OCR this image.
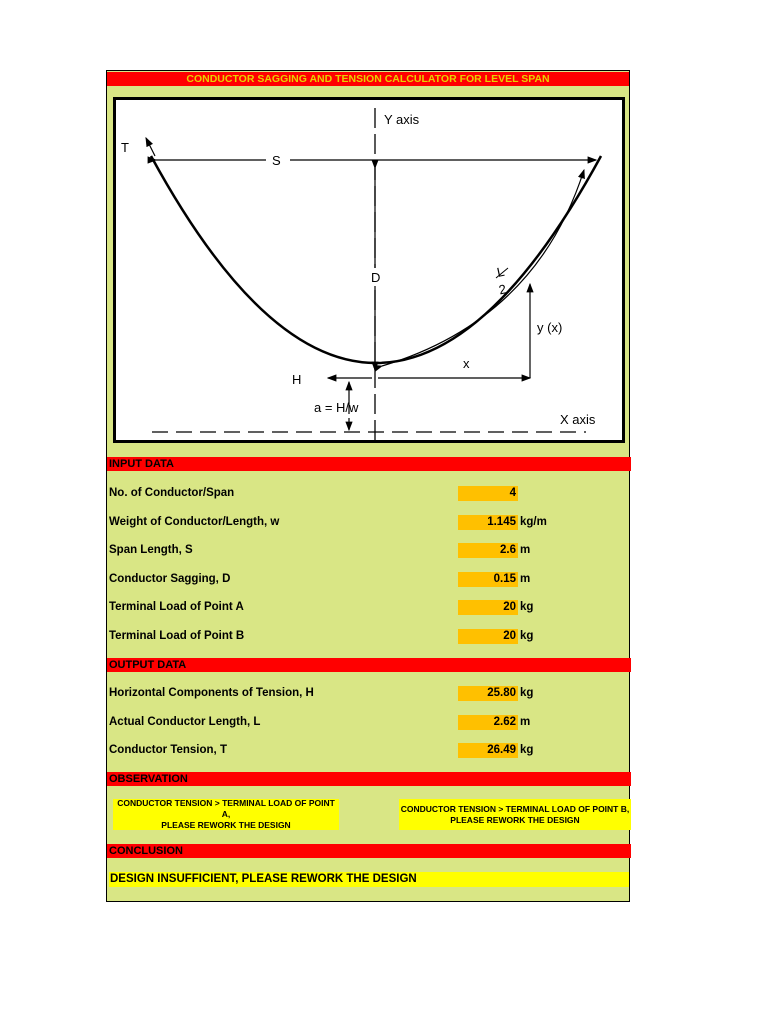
CONDUCTOR SAGGING AND TENSION CALCULATOR FOR LEVEL SPAN
Y axis
X axis
T
S
D	L
2
y (x)
x
H
a = H/w
INPUT DATA
No. of Conductor/Span	4
Weight of Conductor/Length, w	1.145 kg/m
Span Length, S	2.6 m
Conductor Sagging, D	0.15 m
Terminal Load of Point A	20 kg
Terminal Load of Point B	20 kg
OUTPUT DATA
Horizontal Components of Tension, H	25.80 kg
Actual Conductor Length, L	2.62 m
Conductor Tension, T	26.49 kg
OBSERVATION
CONDUCTOR TENSION > TERMINAL LOAD OF POINT A,
PLEASE REWORK THE DESIGN
CONDUCTOR TENSION > TERMINAL LOAD OF POINT B,
PLEASE REWORK THE DESIGN
CONCLUSION
DESIGN INSUFFICIENT, PLEASE REWORK THE DESIGN
